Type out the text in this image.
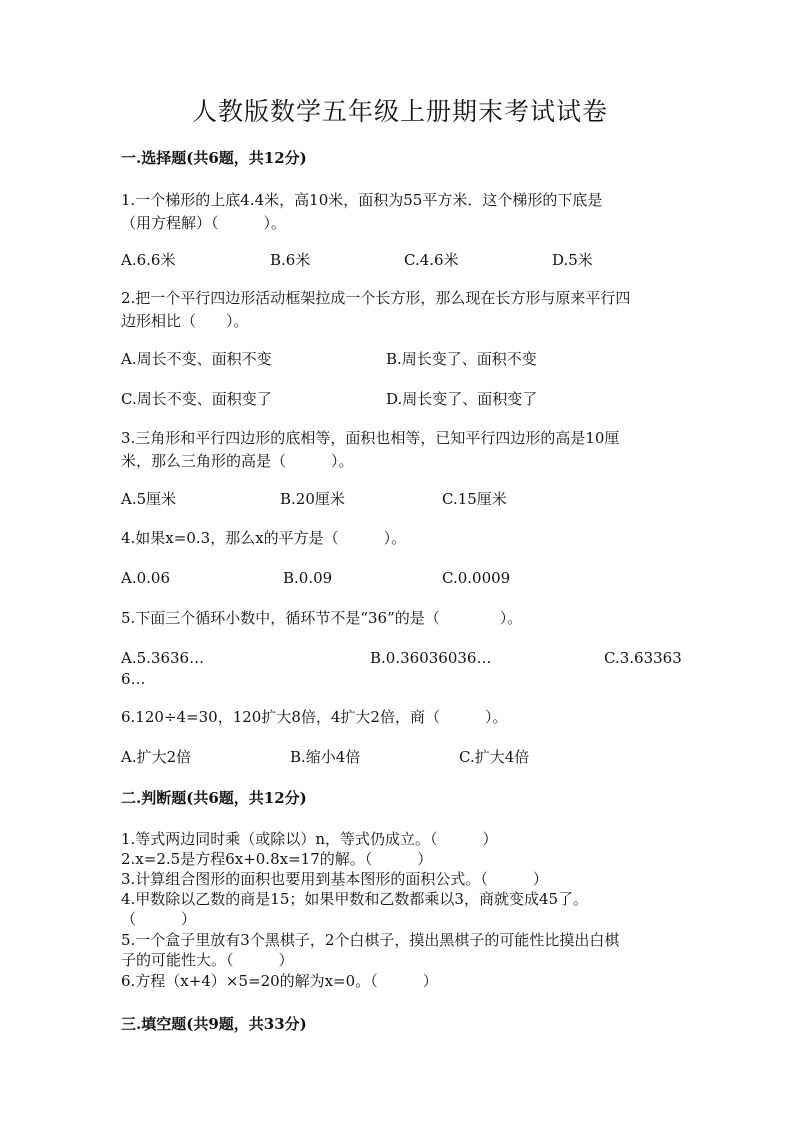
人教版数学五年级上册期末考试试卷
一.选择题(共6题，共12分)
1.一个梯形的上底4.4米，高10米，面积为55平方米．这个梯形的下底是
（用方程解）（　　　）。
A.6.6米	B.6米	C.4.6米	D.5米
2.把一个平行四边形活动框架拉成一个长方形，那么现在长方形与原来平行四
边形相比（　　）。
A.周长不变、面积不变	B.周长变了、面积不变
C.周长不变、面积变了	D.周长变了、面积变了
3.三角形和平行四边形的底相等，面积也相等，已知平行四边形的高是10厘
米，那么三角形的高是（　　　）。
A.5厘米	B.20厘米	C.15厘米
4.如果x=0.3，那么x的平方是（　　　）。
A.0.06	B.0.09	C.0.0009
5.下面三个循环小数中，循环节不是“36”的是（　　　　）。
A.5.3636…	B.0.36036036…	C.3.63363
6…
6.120÷4=30，120扩大8倍，4扩大2倍，商（　　　）。
A.扩大2倍	B.缩小4倍	C.扩大4倍
二.判断题(共6题，共12分)
1.等式两边同时乘（或除以）n，等式仍成立。（　　　）
2.x=2.5是方程6x+0.8x=17的解。（　　　）
3.计算组合图形的面积也要用到基本图形的面积公式。（　　　）
4.甲数除以乙数的商是15；如果甲数和乙数都乘以3，商就变成45了。
（　　　）
5.一个盒子里放有3个黑棋子，2个白棋子，摸出黑棋子的可能性比摸出白棋
子的可能性大。（　　　）
6.方程（x+4）×5=20的解为x=0。（　　　）
三.填空题(共9题，共33分)
